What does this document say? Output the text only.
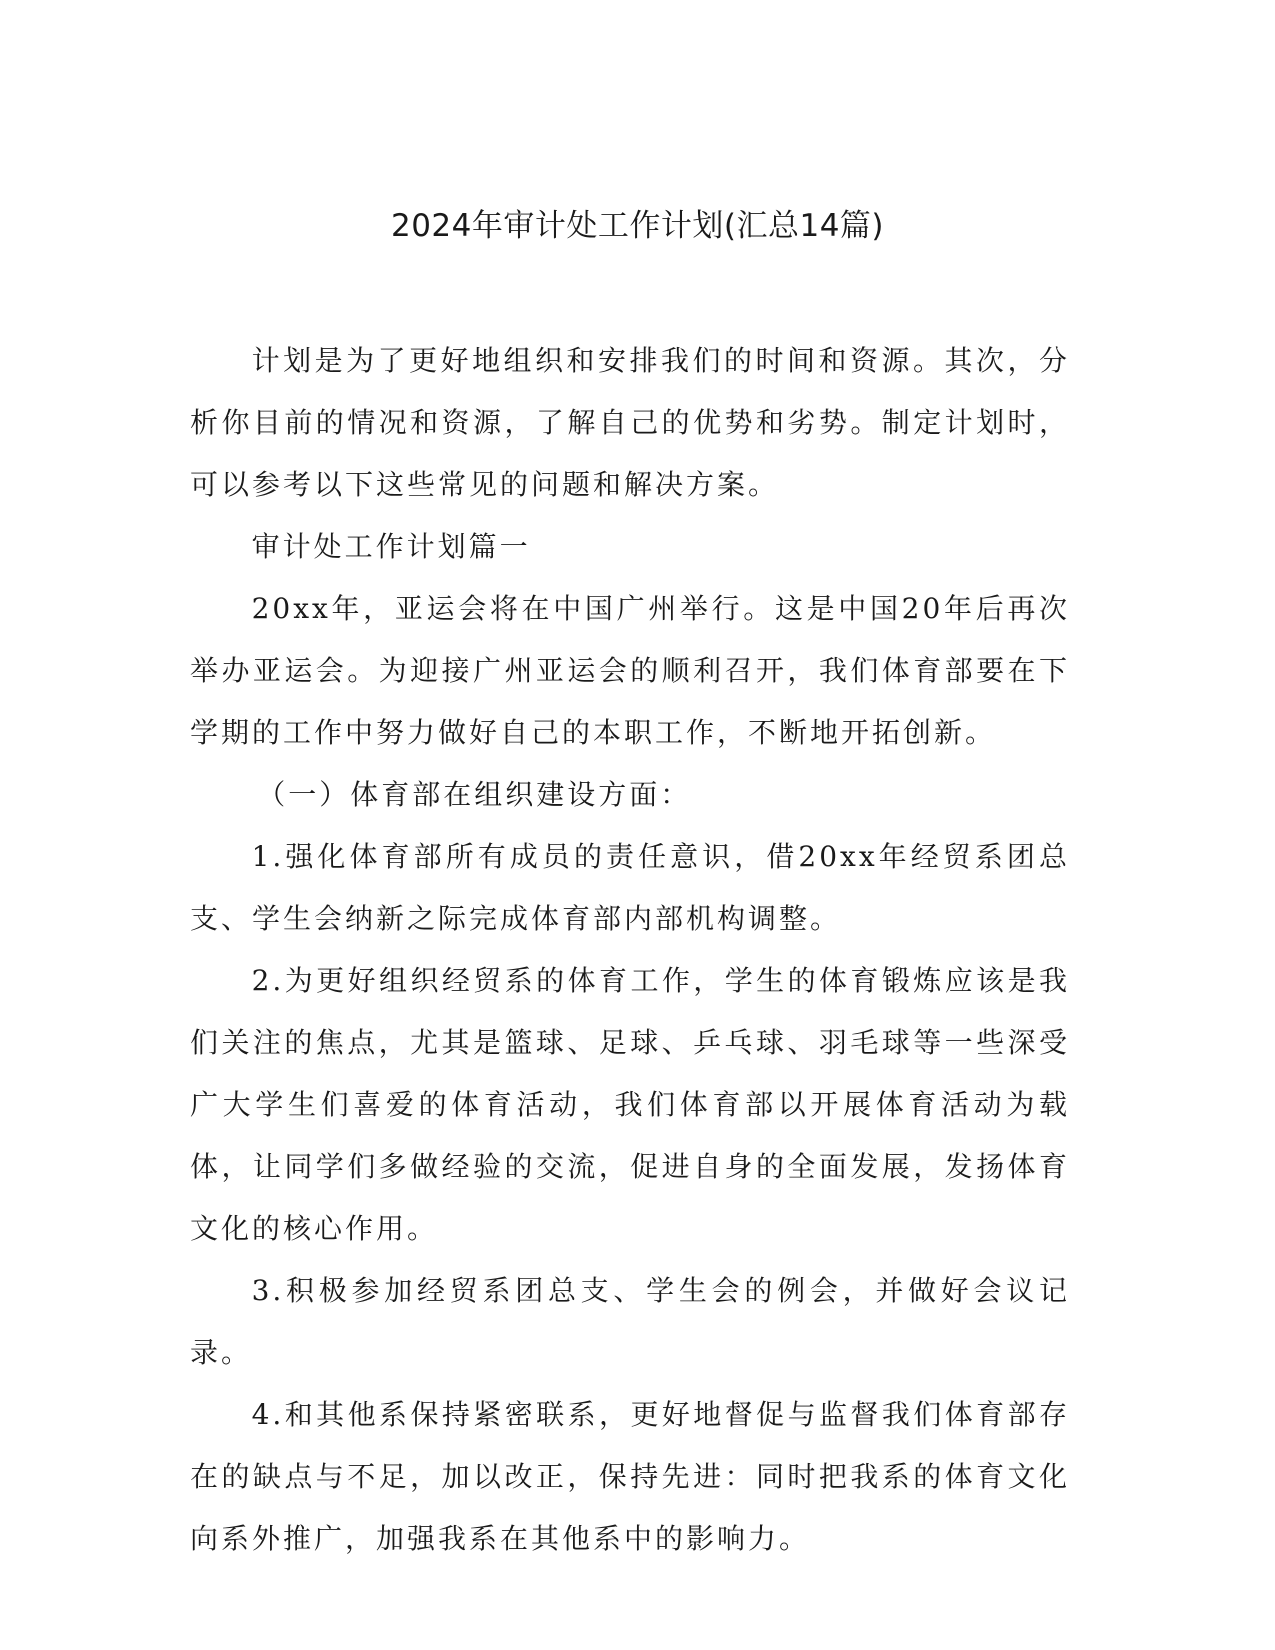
2024年审计处工作计划(汇总14篇)

计划是为了更好地组织和安排我们的时间和资源。其次，分析你目前的情况和资源，了解自己的优势和劣势。制定计划时，可以参考以下这些常见的问题和解决方案。

审计处工作计划篇一

20xx年，亚运会将在中国广州举行。这是中国20年后再次举办亚运会。为迎接广州亚运会的顺利召开，我们体育部要在下学期的工作中努力做好自己的本职工作，不断地开拓创新。

（一）体育部在组织建设方面：

1.强化体育部所有成员的责任意识，借20xx年经贸系团总支、学生会纳新之际完成体育部内部机构调整。

2.为更好组织经贸系的体育工作，学生的体育锻炼应该是我们关注的焦点，尤其是篮球、足球、乒乓球、羽毛球等一些深受广大学生们喜爱的体育活动，我们体育部以开展体育活动为载体，让同学们多做经验的交流，促进自身的全面发展，发扬体育文化的核心作用。

3.积极参加经贸系团总支、学生会的例会，并做好会议记录。

4.和其他系保持紧密联系，更好地督促与监督我们体育部存在的缺点与不足，加以改正，保持先进：同时把我系的体育文化向系外推广，加强我系在其他系中的影响力。
